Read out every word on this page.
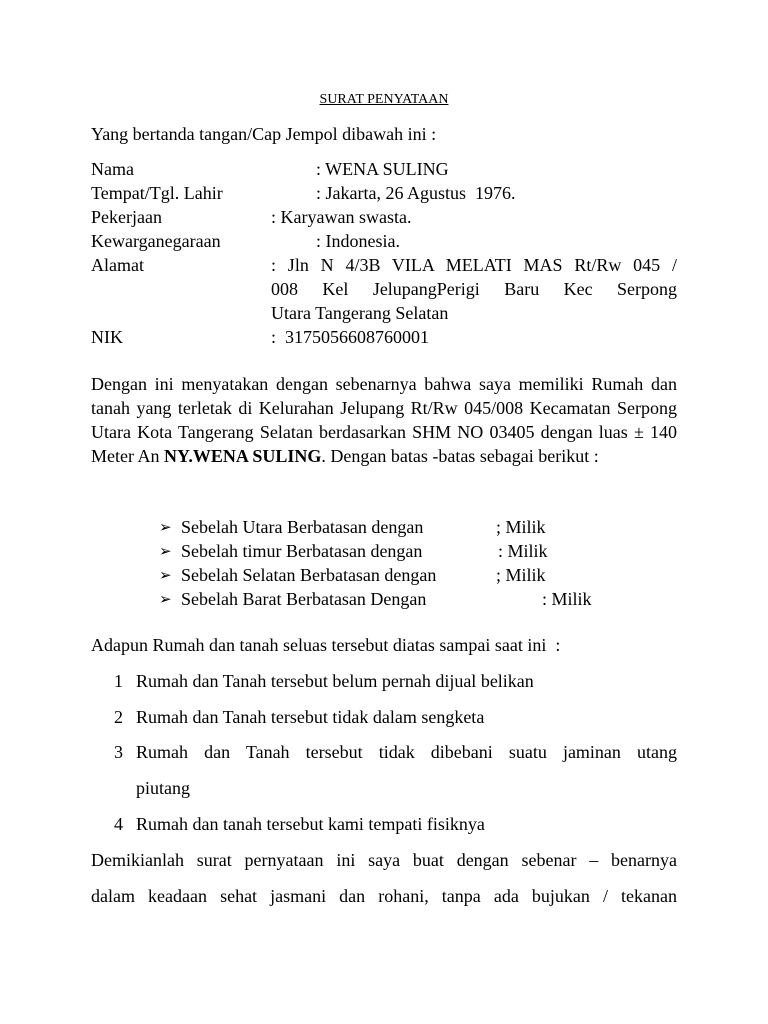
SURAT PENYATAAN
Yang bertanda tangan/Cap Jempol dibawah ini :
Nama	: WENA SULING
Tempat/Tgl. Lahir	: Jakarta, 26 Agustus  1976.
Pekerjaan	: Karyawan swasta.
Kewarganegaraan	: Indonesia.
Alamat	: Jln N 4/3B VILA MELATI MAS Rt/Rw 045 /
008 Kel JelupangPerigi Baru Kec Serpong
Utara Tangerang Selatan
NIK	:  3175056608760001
Dengan ini menyatakan dengan sebenarnya bahwa saya memiliki Rumah dan tanah yang terletak di Kelurahan Jelupang Rt/Rw 045/008 Kecamatan Serpong Utara Kota Tangerang Selatan berdasarkan SHM NO 03405 dengan luas ± 140 Meter An NY.WENA SULING. Dengan batas -batas sebagai berikut :
➢ Sebelah Utara Berbatasan dengan	; Milik
➢ Sebelah timur Berbatasan dengan	: Milik
➢ Sebelah Selatan Berbatasan dengan	; Milik
➢ Sebelah Barat Berbatasan Dengan	: Milik
Adapun Rumah dan tanah seluas tersebut diatas sampai saat ini  :
1 Rumah dan Tanah tersebut belum pernah dijual belikan
2 Rumah dan Tanah tersebut tidak dalam sengketa
3 Rumah dan Tanah tersebut tidak dibebani suatu jaminan utang
piutang
4 Rumah dan tanah tersebut kami tempati fisiknya
Demikianlah surat pernyataan ini saya buat dengan sebenar – benarnya
dalam keadaan sehat jasmani dan rohani, tanpa ada bujukan / tekanan
